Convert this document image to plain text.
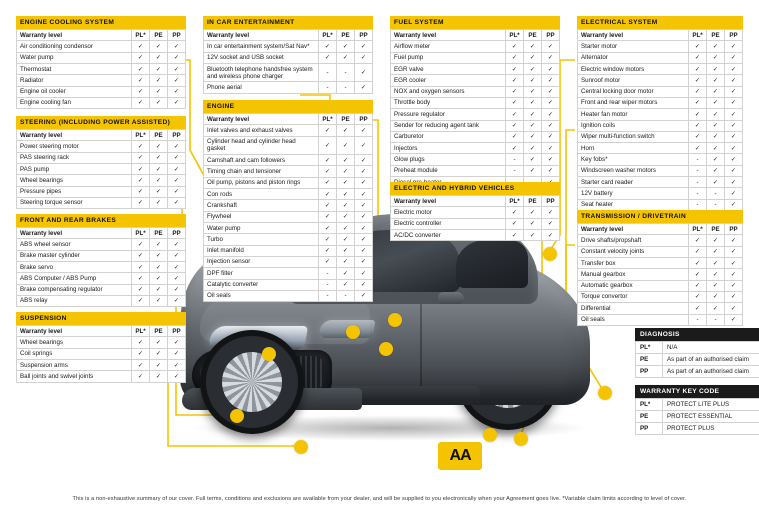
Warranty
Available for this vehicle	AA
ENGINE COOLING SYSTEM
Warranty level	PL*	PE	PP
Air conditioning condensor	✓	✓	✓
Water pump	✓	✓	✓
Thermostat	✓	✓	✓
Radiator	✓	✓	✓
Engine oil cooler	✓	✓	✓
Engine cooling fan	✓	✓	✓
STEERING (INCLUDING POWER ASSISTED)
Warranty level	PL*	PE	PP
Power steering motor	✓	✓	✓
PAS steering rack	✓	✓	✓
PAS pump	✓	✓	✓
Wheel bearings	✓	✓	✓
Pressure pipes	✓	✓	✓
Steering torque sensor	✓	✓	✓
FRONT AND REAR BRAKES
Warranty level	PL*	PE	PP
ABS wheel sensor	✓	✓	✓
Brake master cylinder	✓	✓	✓
Brake servo	✓	✓	✓
ABS Computer / ABS Pump	✓	✓	✓
Brake compensating regulator	✓	✓	✓
ABS relay	✓	✓	✓
SUSPENSION
Warranty level	PL*	PE	PP
Wheel bearings	✓	✓	✓
Coil springs	✓	✓	✓
Suspension arms	✓	✓	✓
Ball joints and swivel joints	✓	✓	✓
IN CAR ENTERTAINMENT
Warranty level	PL*	PE	PP
In car entertainment system/Sat Nav*	✓	✓	✓
12V socket and USB socket	✓	✓	✓
Bluetooth telephone handsfree system and wireless phone charger	-	-	✓
Phone aerial	-	-	✓
ENGINE
Warranty level	PL*	PE	PP
Inlet valves and exhaust valves	✓	✓	✓
Cylinder head and cylinder head gasket	✓	✓	✓
Camshaft and cam followers	✓	✓	✓
Timing chain and tensioner	✓	✓	✓
Oil pump, pistons and piston rings	✓	✓	✓
Con rods	✓	✓	✓
Crankshaft	✓	✓	✓
Flywheel	✓	✓	✓
Water pump	✓	✓	✓
Turbo	✓	✓	✓
Inlet manifold	✓	✓	✓
Injection sensor	✓	✓	✓
DPF filter	-	✓	✓
Catalytic converter	-	✓	✓
Oil seals	-	-	✓
FUEL SYSTEM
Warranty level	PL*	PE	PP
Airflow meter	✓	✓	✓
Fuel pump	✓	✓	✓
EGR valve	✓	✓	✓
EGR cooler	✓	✓	✓
NOX and oxygen sensors	✓	✓	✓
Throttle body	✓	✓	✓
Pressure regulator	✓	✓	✓
Sender for reducing agent tank	✓	✓	✓
Carburetor	✓	✓	✓
Injectors	✓	✓	✓
Glow plugs	-	✓	✓
Preheat module	-	✓	✓

ELECTRIC AND HYBRID VEHICLES
Warranty level	PL*	PE	PP
Electric motor	✓	✓	✓
Electric controller	✓	✓	✓
AC/DC converter	✓	✓	✓
ELECTRICAL SYSTEM
Warranty level	PL*	PE	PP
Starter motor	✓	✓	✓
Alternator	✓	✓	✓
Electric window motors	✓	✓	✓
Sunroof motor	✓	✓	✓
Central locking door motor	✓	✓	✓
Front and rear wiper motors	✓	✓	✓
Heater fan motor	✓	✓	✓
Ignition coils	✓	✓	✓
Wiper multi-function switch	✓	✓	✓
Horn	✓	✓	✓
Key fobs*	-	✓	✓
Windscreen washer motors	-	✓	✓
Starter card reader	-	✓	✓
12V battery	-	-	✓
Seat heater	-	-	✓
TRANSMISSION / DRIVETRAIN
Warranty level	PL*	PE	PP
Drive shafts/propshaft	✓	✓	✓
Constant velocity joints	✓	✓	✓
Transfer box	✓	✓	✓
Manual gearbox	✓	✓	✓
Automatic gearbox	✓	✓	✓
Torque convertor	✓	✓	✓
Differential	✓	✓	✓
Oil seals	-	-	✓
DIAGNOSIS
PL*	N/A
PE	As part of an authorised claim
PP	As part of an authorised claim
WARRANTY KEY CODE
PL*	PROTECT LITE PLUS
PE	PROTECT ESSENTIAL
PP	PROTECT PLUS
This is a non-exhaustive summary of our cover. Full terms, conditions and exclusions are available from your dealer, and will be supplied to you electronically when your Agreement goes live. *Variable claim limits according to level of cover.
